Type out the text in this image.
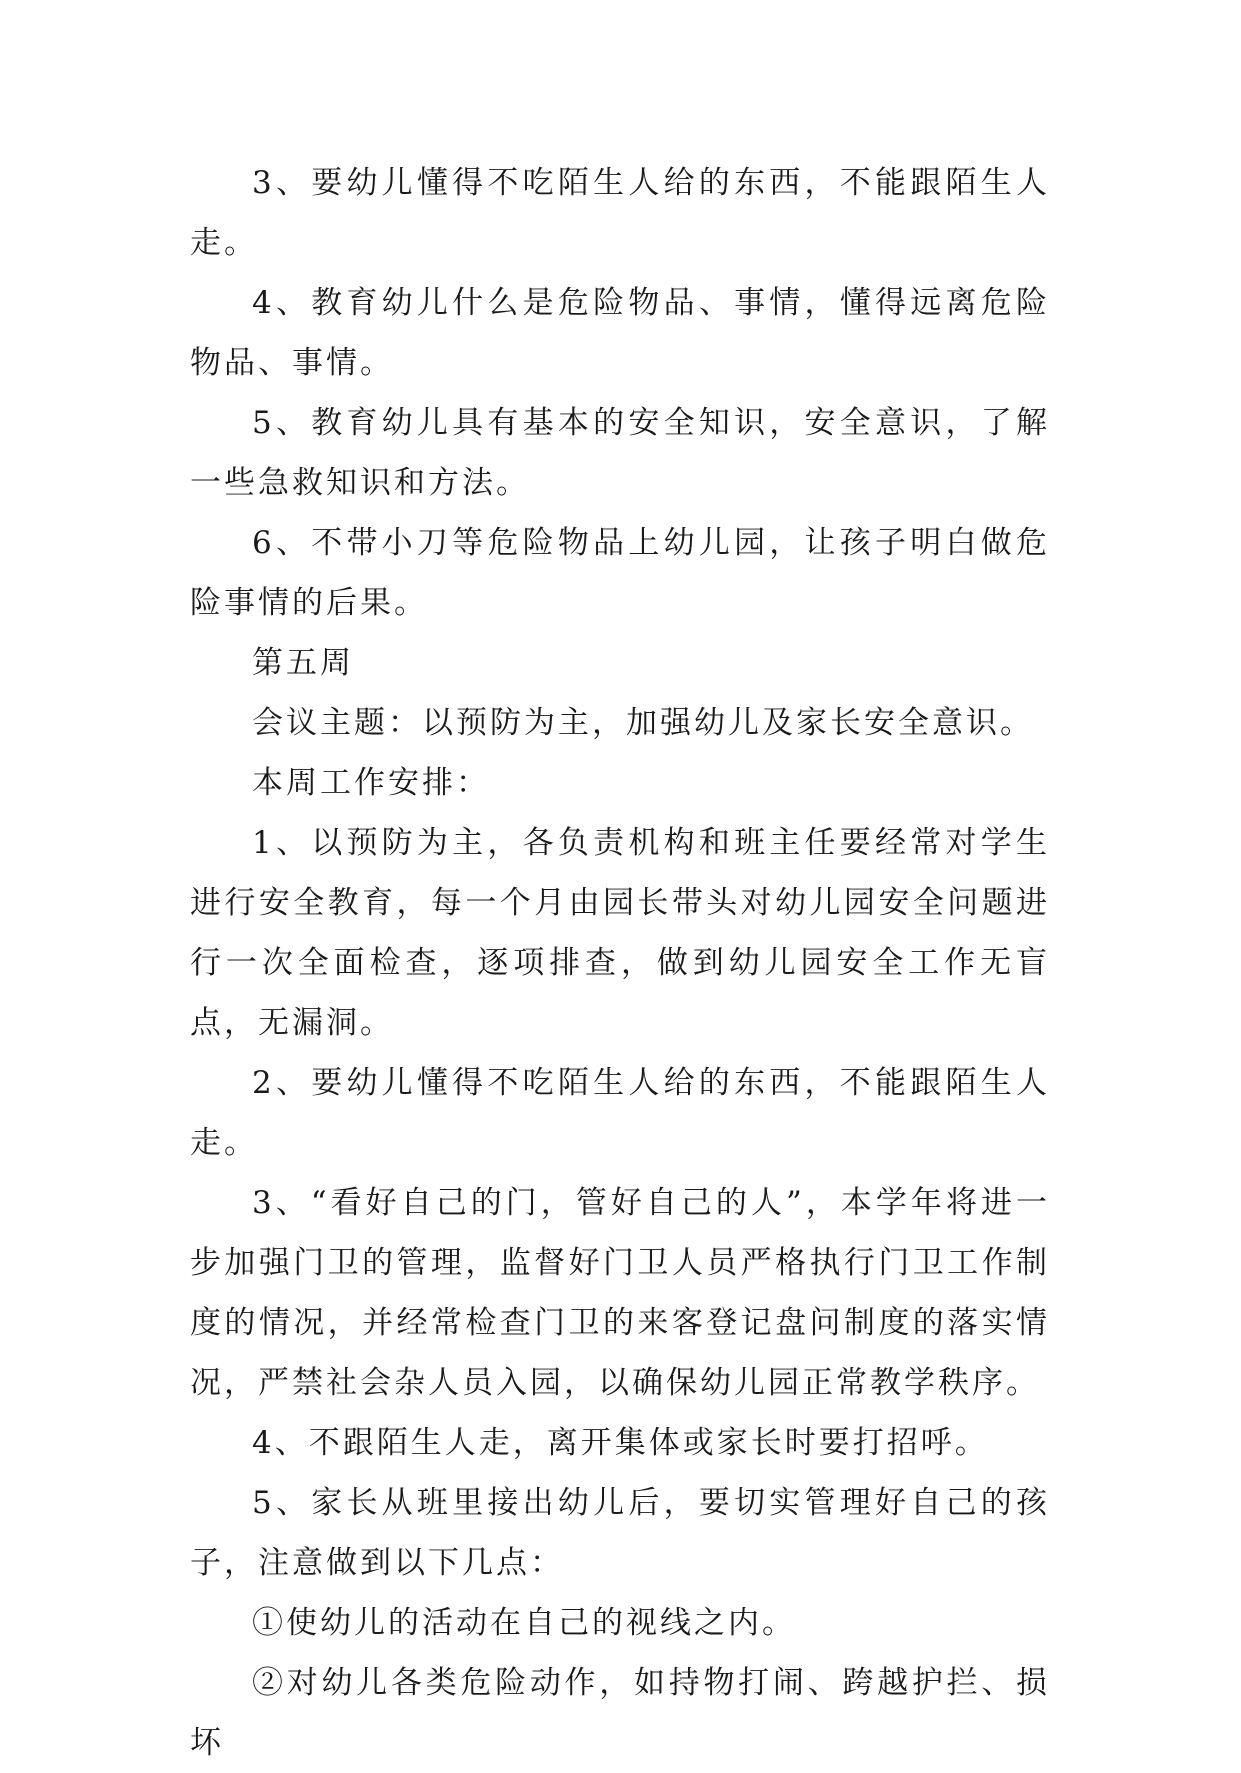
3、要幼儿懂得不吃陌生人给的东西，不能跟陌生人走。

4、教育幼儿什么是危险物品、事情，懂得远离危险物品、事情。

5、教育幼儿具有基本的安全知识，安全意识，了解一些急救知识和方法。

6、不带小刀等危险物品上幼儿园，让孩子明白做危险事情的后果。

第五周

会议主题：以预防为主，加强幼儿及家长安全意识。

本周工作安排：

1、以预防为主，各负责机构和班主任要经常对学生进行安全教育，每一个月由园长带头对幼儿园安全问题进行一次全面检查，逐项排查，做到幼儿园安全工作无盲点，无漏洞。

2、要幼儿懂得不吃陌生人给的东西，不能跟陌生人走。

3、“看好自己的门，管好自己的人”，本学年将进一步加强门卫的管理，监督好门卫人员严格执行门卫工作制度的情况，并经常检查门卫的来客登记盘问制度的落实情况，严禁社会杂人员入园，以确保幼儿园正常教学秩序。

4、不跟陌生人走，离开集体或家长时要打招呼。

5、家长从班里接出幼儿后，要切实管理好自己的孩子，注意做到以下几点：

①使幼儿的活动在自己的视线之内。

②对幼儿各类危险动作，如持物打闹、跨越护拦、损坏
